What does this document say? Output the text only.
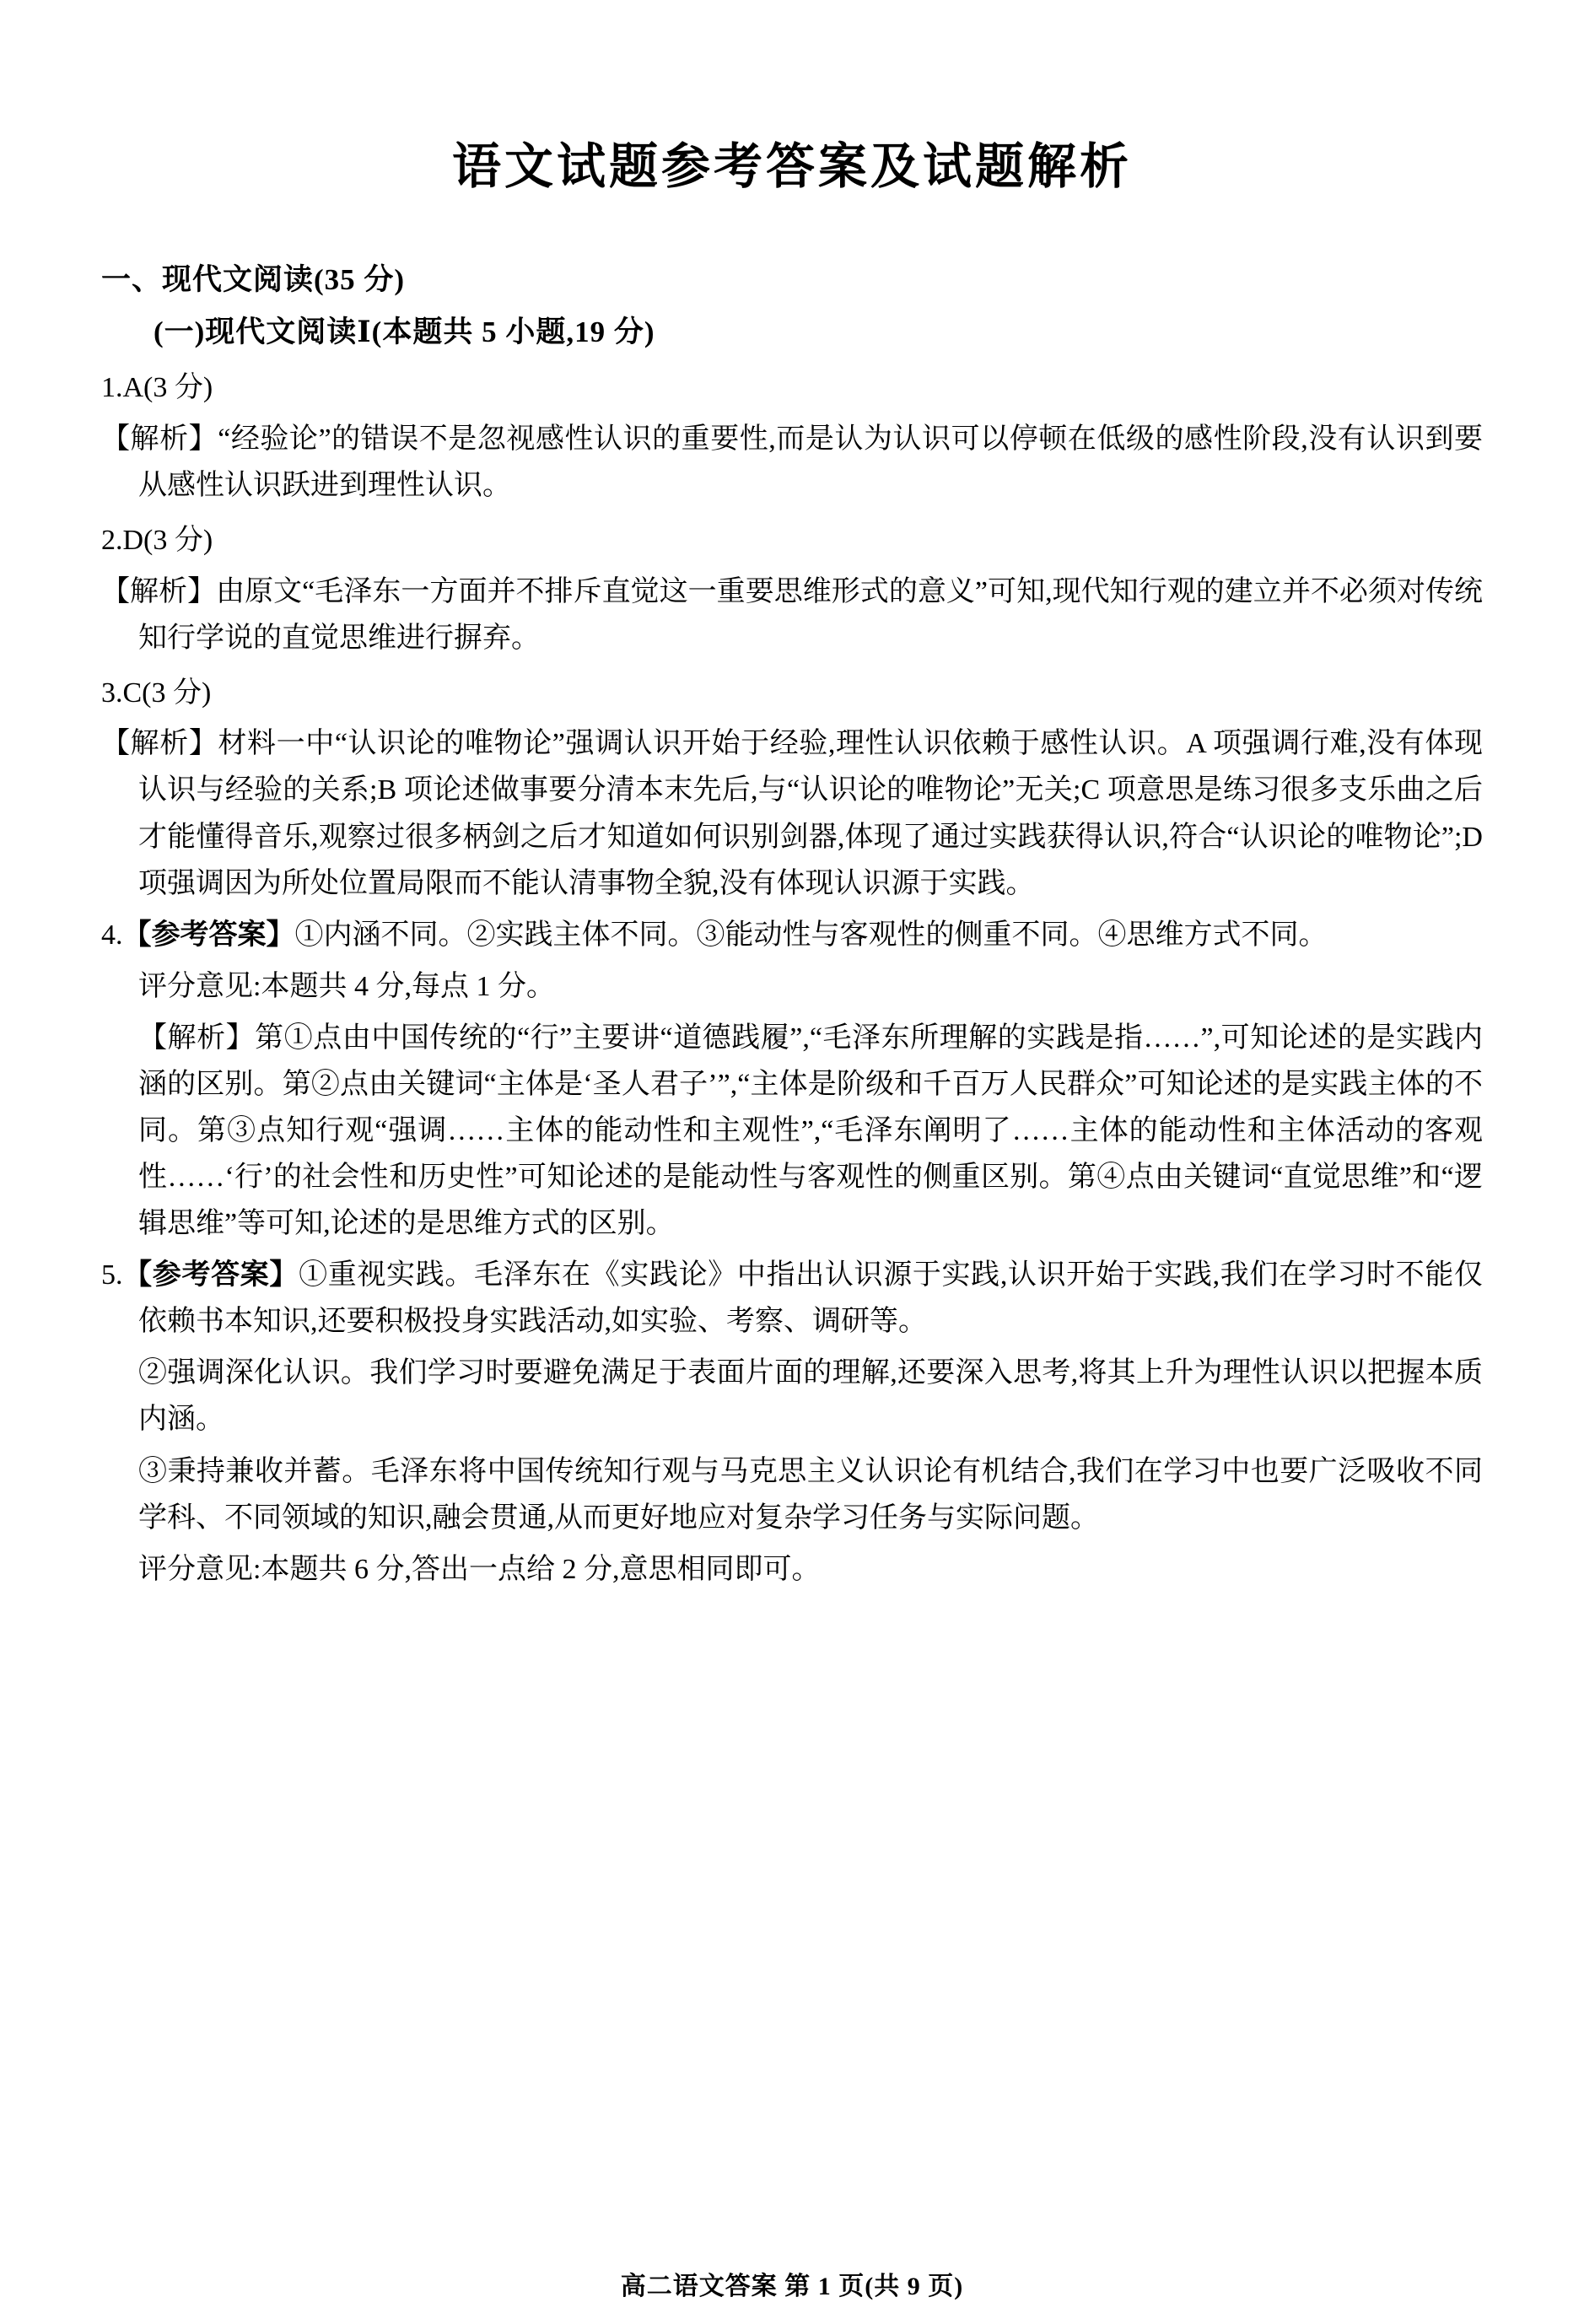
语文试题参考答案及试题解析
一、现代文阅读(35 分)
(一)现代文阅读Ⅰ(本题共 5 小题,19 分)
1.A(3 分)
【解析】“经验论”的错误不是忽视感性认识的重要性,而是认为认识可以停顿在低级的感性阶段,没有认识到要从感性认识跃进到理性认识。
2.D(3 分)
【解析】由原文“毛泽东一方面并不排斥直觉这一重要思维形式的意义”可知,现代知行观的建立并不必须对传统知行学说的直觉思维进行摒弃。
3.C(3 分)
【解析】材料一中“认识论的唯物论”强调认识开始于经验,理性认识依赖于感性认识。A 项强调行难,没有体现认识与经验的关系;B 项论述做事要分清本末先后,与“认识论的唯物论”无关;C 项意思是练习很多支乐曲之后才能懂得音乐,观察过很多柄剑之后才知道如何识别剑器,体现了通过实践获得认识,符合“认识论的唯物论”;D 项强调因为所处位置局限而不能认清事物全貌,没有体现认识源于实践。
4.【参考答案】①内涵不同。②实践主体不同。③能动性与客观性的侧重不同。④思维方式不同。
评分意见:本题共 4 分,每点 1 分。
【解析】第①点由中国传统的“行”主要讲“道德践履”,“毛泽东所理解的实践是指……”,可知论述的是实践内涵的区别。第②点由关键词“主体是‘圣人君子’”,“主体是阶级和千百万人民群众”可知论述的是实践主体的不同。第③点知行观“强调……主体的能动性和主观性”,“毛泽东阐明了……主体的能动性和主体活动的客观性……‘行’的社会性和历史性”可知论述的是能动性与客观性的侧重区别。第④点由关键词“直觉思维”和“逻辑思维”等可知,论述的是思维方式的区别。
5.【参考答案】①重视实践。毛泽东在《实践论》中指出认识源于实践,认识开始于实践,我们在学习时不能仅依赖书本知识,还要积极投身实践活动,如实验、考察、调研等。
②强调深化认识。我们学习时要避免满足于表面片面的理解,还要深入思考,将其上升为理性认识以把握本质内涵。
③秉持兼收并蓄。毛泽东将中国传统知行观与马克思主义认识论有机结合,我们在学习中也要广泛吸收不同学科、不同领域的知识,融会贯通,从而更好地应对复杂学习任务与实际问题。
评分意见:本题共 6 分,答出一点给 2 分,意思相同即可。
高二语文答案 第 1 页(共 9 页)
